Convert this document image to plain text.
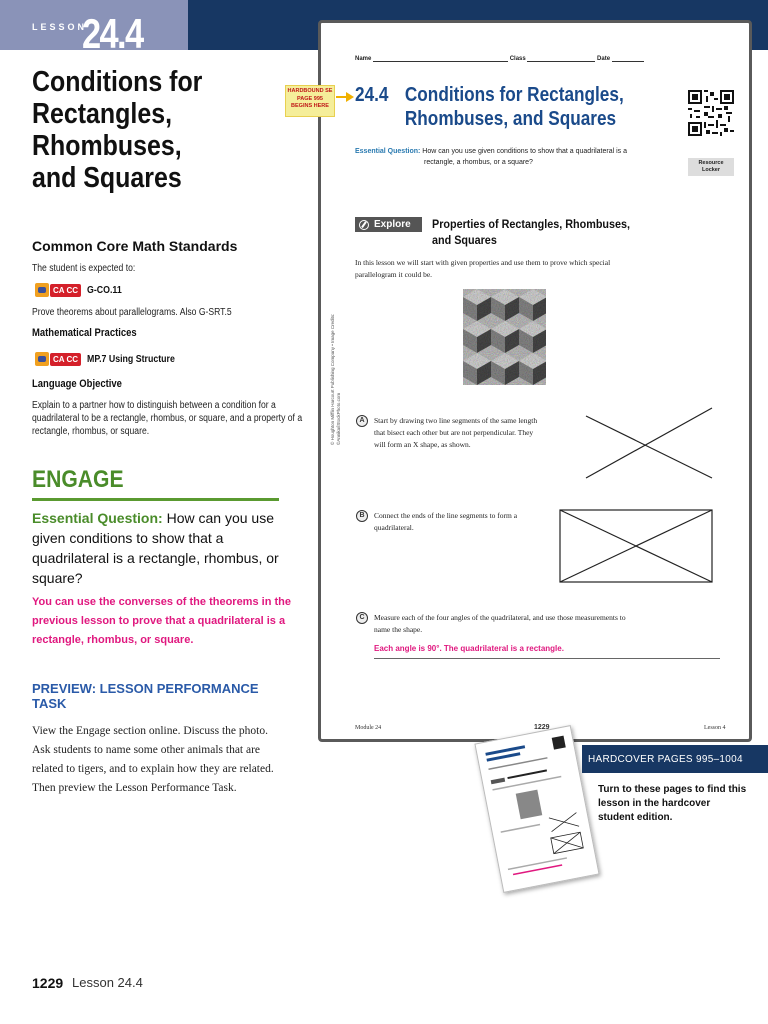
LESSON
24.4
Conditions for
Rectangles,
Rhombuses,
and Squares
Common Core Math Standards
The student is expected to:
CA CC G-CO.11
Prove theorems about parallelograms. Also G-SRT.5
Mathematical Practices
CA CC MP.7 Using Structure
Language Objective
Explain to a partner how to distinguish between a condition for a
quadrilateral to be a rectangle, rhombus, or square, and a property of a
rectangle, rhombus, or square.
ENGAGE
Essential Question: How can you use given conditions to show that a quadrilateral is a rectangle, rhombus, or square?
You can use the converses of the theorems in the previous lesson to prove that a quadrilateral is a rectangle, rhombus, or square.
PREVIEW: LESSON PERFORMANCE TASK
View the Engage section online. Discuss the photo. Ask students to name some other animals that are related to tigers, and to explain how they are related. Then preview the Lesson Performance Task.
1229 Lesson 24.4
Name	Class	Date
HARDBOUND SE
PAGE 995
BEGINS HERE 24.4 Conditions for Rectangles,
Rhombuses, and Squares
Resource
Locker
Essential Question: How can you use given conditions to show that a quadrilateral is a
rectangle, a rhombus, or a square?
Explore Properties of Rectangles, Rhombuses,
and Squares
In this lesson we will start with given properties and use them to prove which special
parallelogram it could be.
A	Start by drawing two line segments of the same length
that bisect each other but are not perpendicular. They
will form an X shape, as shown.
B	Connect the ends of the line segments to form a
quadrilateral.
C	Measure each of the four angles of the quadrilateral, and use those measurements to
name the shape.
Each angle is 90°. The quadrilateral is a rectangle.
© Houghton Mifflin Harcourt Publishing Company • Image Credits: ©Annika/iStockPhoto.com
Module 24	1229	Lesson 4
HARDCOVER PAGES 995–1004
Turn to these pages to find this lesson in the hardcover student edition.
